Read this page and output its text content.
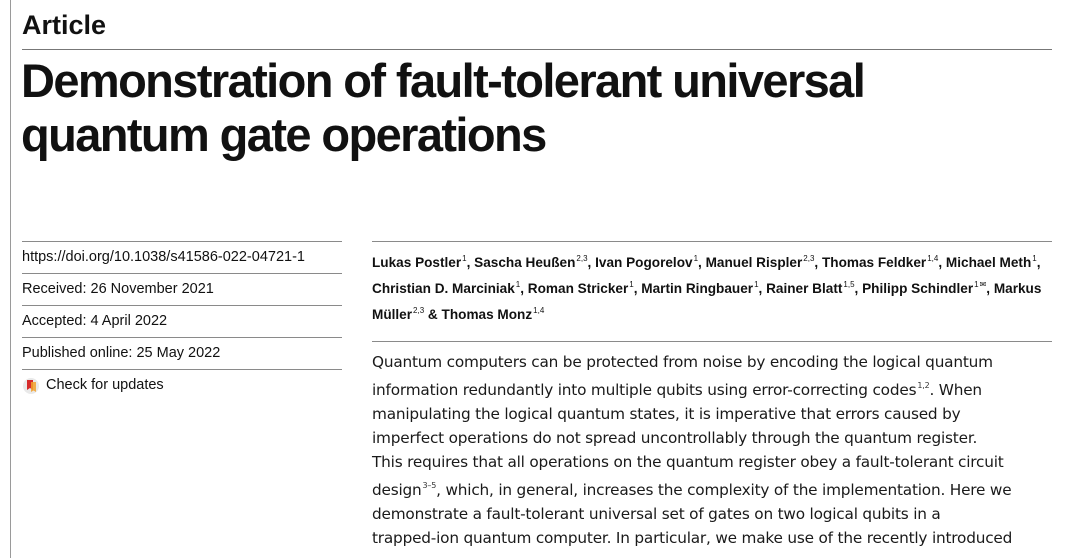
Article
Demonstration of fault-tolerant universal
quantum gate operations
https://doi.org/10.1038/s41586-022-04721-1
Received: 26 November 2021
Accepted: 4 April 2022
Published online: 25 May 2022
Check for updates
Lukas Postler$^1$, Sascha Heußen$^{2,3}$, Ivan Pogorelov$^1$, Manuel Rispler$^{2,3}$, Thomas Feldker$^{1,4}$, Michael Meth$^1$, Christian D. Marciniak$^1$, Roman Stricker$^1$, Martin Ringbauer$^1$, Rainer Blatt$^{1,5}$, Philipp Schindler$^{1✉}$, Markus Müller$^{2,3}$ & Thomas Monz$^{1,4}$
Quantum computers can be protected from noise by encoding the logical quantum
information redundantly into multiple qubits using error-correcting codes$^{1,2}$. When
manipulating the logical quantum states, it is imperative that errors caused by
imperfect operations do not spread uncontrollably through the quantum register.
This requires that all operations on the quantum register obey a fault-tolerant circuit
design$^{3-5}$, which, in general, increases the complexity of the implementation. Here we
demonstrate a fault-tolerant universal set of gates on two logical qubits in a
trapped-ion quantum computer. In particular, we make use of the recently introduced
